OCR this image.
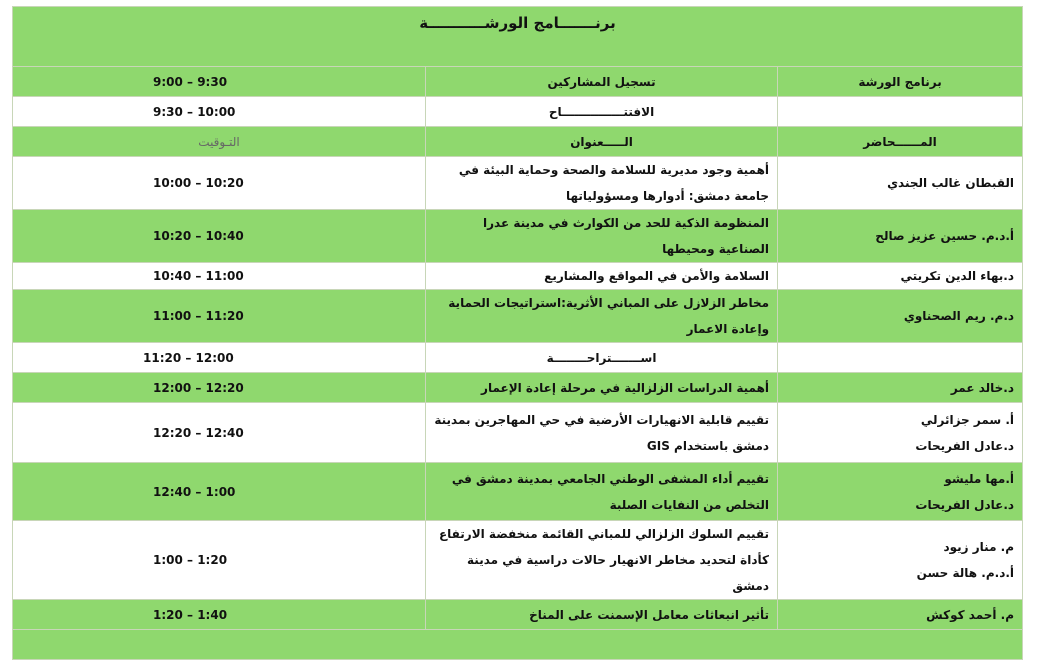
برنـــــــامج الورشـــــــــــة		

برنامج الورشة	تسجيل المشاركين	9:00 – 9:30
	الافتتـــــــــــــــاح	9:30 – 10:00
المــــــحاضر	الـــــعنوان	التـوقيت

القبطان غالب الجندي	أهمية وجود مديرية للسلامة والصحة وحماية البيئة في جامعة دمشق: أدوارها ومسؤولياتها	10:00 – 10:20

أ.د.م. حسين عزيز صالح	المنظومة الذكية للحد من الكوارث في مدينة عدرا الصناعية ومحيطها	10:20 – 10:40

د.بهاء الدين تكريتي	السلامة والأمن في المواقع والمشاريع	10:40 – 11:00

د.م. ريم الصحناوي	مخاطر الزلازل على المباني الأثرية:استراتيجات الحماية وإعادة الاعمار	11:00 – 11:20
	اســـــــتراحــــــــة	11:20 – 12:00

د.خالد عمر	أهمية الدراسات الزلزالية في مرحلة إعادة الإعمار	12:00 – 12:20

أ. سمر جزائرلي
د.عادل الفريحات	تقييم قابلية الانهيارات الأرضية في حي المهاجرين بمدينة دمشق باستخدام GIS	12:20 – 12:40

أ.مها مليشو
د.عادل الفريحات	تقييم أداء المشفى الوطني الجامعي بمدينة دمشق في التخلص من النفايات الصلبة	12:40 – 1:00

م. منار زيود
أ.د.م. هالة حسن	تقييم السلوك الزلزالي للمباني القائمة منخفضة الارتفاع كأداة لتحديد مخاطر الانهيار حالات دراسية في مدينة دمشق	1:00 – 1:20

م. أحمد كوكش	تأثير انبعاثات معامل الإسمنت على المناخ	1:20 – 1:40
